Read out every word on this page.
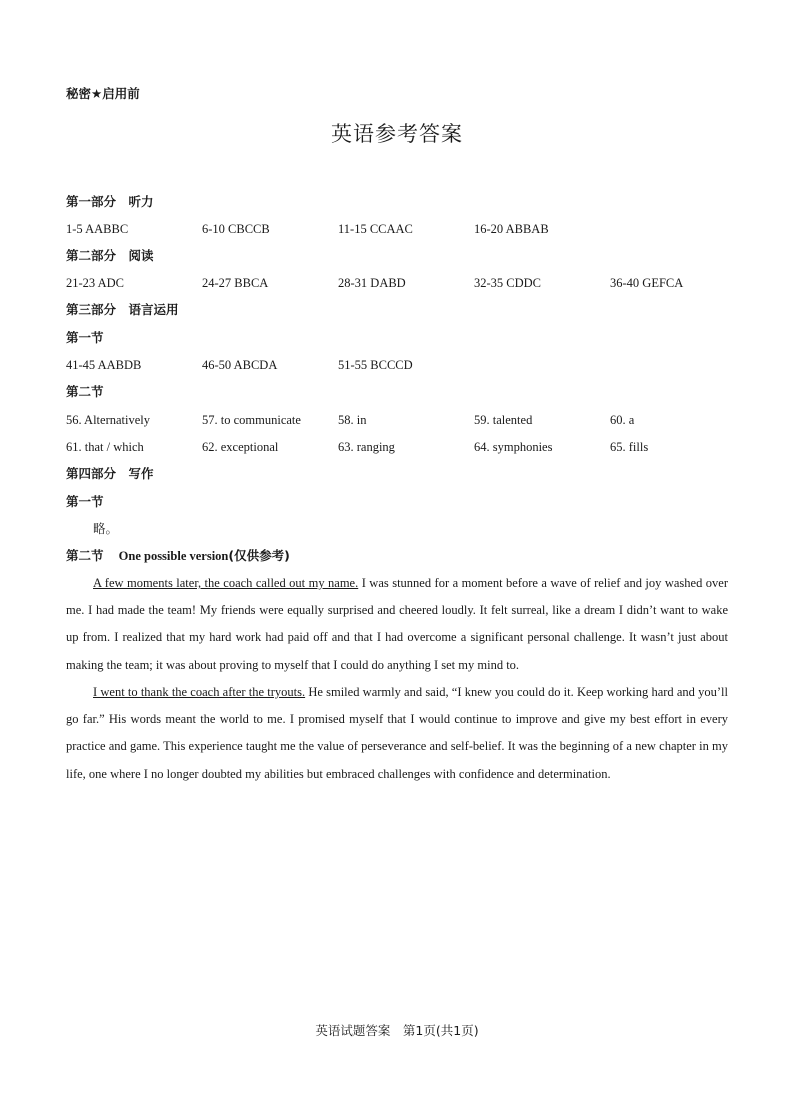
秘密★启用前
英语参考答案
第一部分　听力
1-5 AABBC	6-10 CBCCB	11-15 CCAAC	16-20 ABBAB
第二部分　阅读
21-23 ADC	24-27 BBCA	28-31 DABD	32-35 CDDC	36-40 GEFCA
第三部分　语言运用
第一节
41-45 AABDB	46-50 ABCDA	51-55 BCCCD
第二节
56. Alternatively	57. to communicate	58. in	59. talented	60. a
61. that / which	62. exceptional	63. ranging	64. symphonies	65. fills
第四部分　写作
第一节
略。
第二节 One possible version(仅供参考)
A few moments later, the coach called out my name. I was stunned for a moment before a wave of relief and joy washed over me. I had made the team! My friends were equally surprised and cheered loudly. It felt surreal, like a dream I didn’t want to wake up from. I realized that my hard work had paid off and that I had overcome a significant personal challenge. It wasn’t just about making the team; it was about proving to myself that I could do anything I set my mind to.
I went to thank the coach after the tryouts. He smiled warmly and said, “I knew you could do it. Keep working hard and you’ll go far.” His words meant the world to me. I promised myself that I would continue to improve and give my best effort in every practice and game. This experience taught me the value of perseverance and self-belief. It was the beginning of a new chapter in my life, one where I no longer doubted my abilities but embraced challenges with confidence and determination.
英语试题答案　第1页(共1页)
